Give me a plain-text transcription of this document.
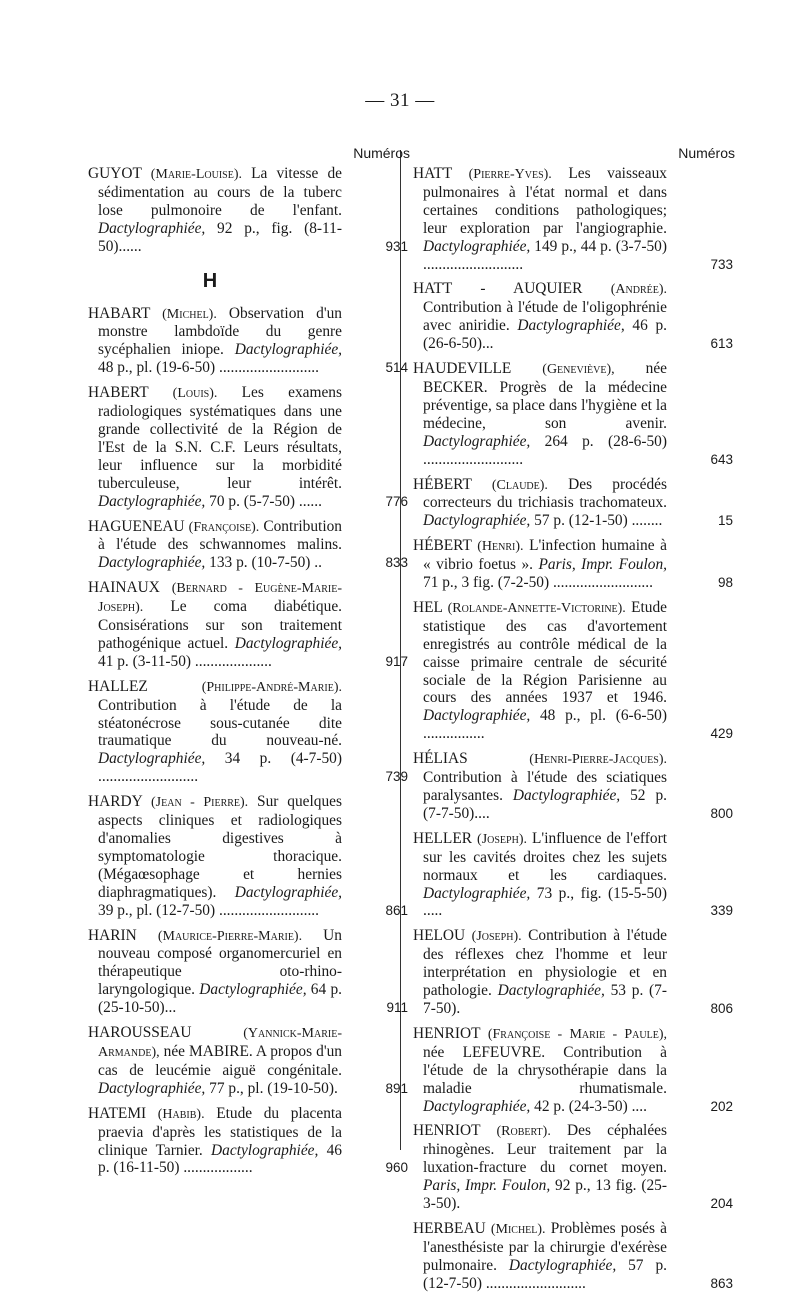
— 31 —
Numéros
GUYOT (Marie-Louise). La vitesse de sédimentation au cours de la tuberc lose pulmonoire de l'enfant. Dactylographiée, 92 p., fig. (8-11-50)......	931
H
HABART (Michel). Observation d'un monstre lambdoïde du genre sycéphalien iniope. Dactylographiée, 48 p., pl. (19-6-50) ..........................	514
HABERT (Louis). Les examens radiologiques systématiques dans une grande collectivité de la Région de l'Est de la S.N. C.F. Leurs résultats, leur influence sur la morbidité tuberculeuse, leur intérêt. Dactylographiée, 70 p. (5-7-50) ......	776
HAGUENEAU (Françoise). Contribution à l'étude des schwannomes malins. Dactylographiée, 133 p. (10-7-50) ..	833
HAINAUX (Bernard - Eugène-Marie-Joseph). Le coma diabétique. Consisérations sur son traitement pathogénique actuel. Dactylographiée, 41 p. (3-11-50) ....................	917
HALLEZ	(Philippe-André-Marie). Contribution à l'étude de la stéatonécrose sous-cutanée dite traumatique du nouveau-né. Dactylographiée, 34 p. (4-7-50) ..........................	739
HARDY (Jean - Pierre). Sur quelques aspects cliniques et radiologiques d'anomalies digestives à symptomatologie thoracique. (Mégaœsophage et hernies diaphragmatiques). Dactylographiée, 39 p., pl. (12-7-50) ..........................	861
HARIN (Maurice-Pierre-Marie). Un nouveau composé organomercuriel en thérapeutique oto-rhino-laryngologique. Dactylographiée, 64 p. (25-10-50)...	911
HAROUSSEAU	(Yannick-Marie-Armande), née MABIRE. A propos d'un cas de leucémie aiguë congénitale. Dactylographiée, 77 p., pl. (19-10-50).	891
HATEMI (Habib). Etude du placenta praevia d'après les statistiques de la clinique Tarnier. Dactylographiée, 46 p. (16-11-50) ..................	960
Numéros
HATT (Pierre-Yves). Les vaisseaux pulmonaires à l'état normal et dans certaines conditions pathologiques; leur exploration par l'angiographie. Dactylographiée, 149 p., 44 p. (3-7-50) ..........................	733
HATT - AUQUIER (Andrée). Contribution à l'étude de l'oligophrénie avec aniridie. Dactylographiée, 46 p. (26-6-50)...	613
HAUDEVILLE (Geneviève), née BECKER. Progrès de la médecine préventige, sa place dans l'hygiène et la médecine, son avenir. Dactylographiée, 264 p. (28-6-50) ..........................	643
HÉBERT (Claude). Des procédés correcteurs du trichiasis trachomateux. Dactylographiée, 57 p. (12-1-50) ........	15
HÉBERT (Henri). L'infection humaine à « vibrio foetus ». Paris, Impr. Foulon, 71 p., 3 fig. (7-2-50) ..........................	98
HEL (Rolande-Annette-Victorine). Etude statistique des cas d'avortement enregistrés au contrôle médical de la caisse primaire centrale de sécurité sociale de la Région Parisienne au cours des années 1937 et 1946. Dactylographiée, 48 p., pl. (6-6-50) ................	429
HÉLIAS	(Henri-Pierre-Jacques). Contribution à l'étude des sciatiques paralysantes. Dactylographiée, 52 p. (7-7-50)....	800
HELLER (Joseph). L'influence de l'effort sur les cavités droites chez les sujets normaux et les cardiaques. Dactylographiée, 73 p., fig. (15-5-50) .....	339
HELOU (Joseph). Contribution à l'étude des réflexes chez l'homme et leur interprétation en physiologie et en pathologie. Dactylographiée, 53 p. (7-7-50).	806
HENRIOT (Françoise - Marie - Paule), née LEFEUVRE. Contribution à l'étude de la chrysothérapie dans la maladie rhumatismale. Dactylographiée, 42 p. (24-3-50) ....	202
HENRIOT (Robert). Des céphalées rhinogènes. Leur traitement par la luxation-fracture du cornet moyen. Paris, Impr. Foulon, 92 p., 13 fig. (25-3-50).	204
HERBEAU (Michel). Problèmes posés à l'anesthésiste par la chirurgie d'exérèse pulmonaire. Dactylographiée, 57 p. (12-7-50) ..........................	863
